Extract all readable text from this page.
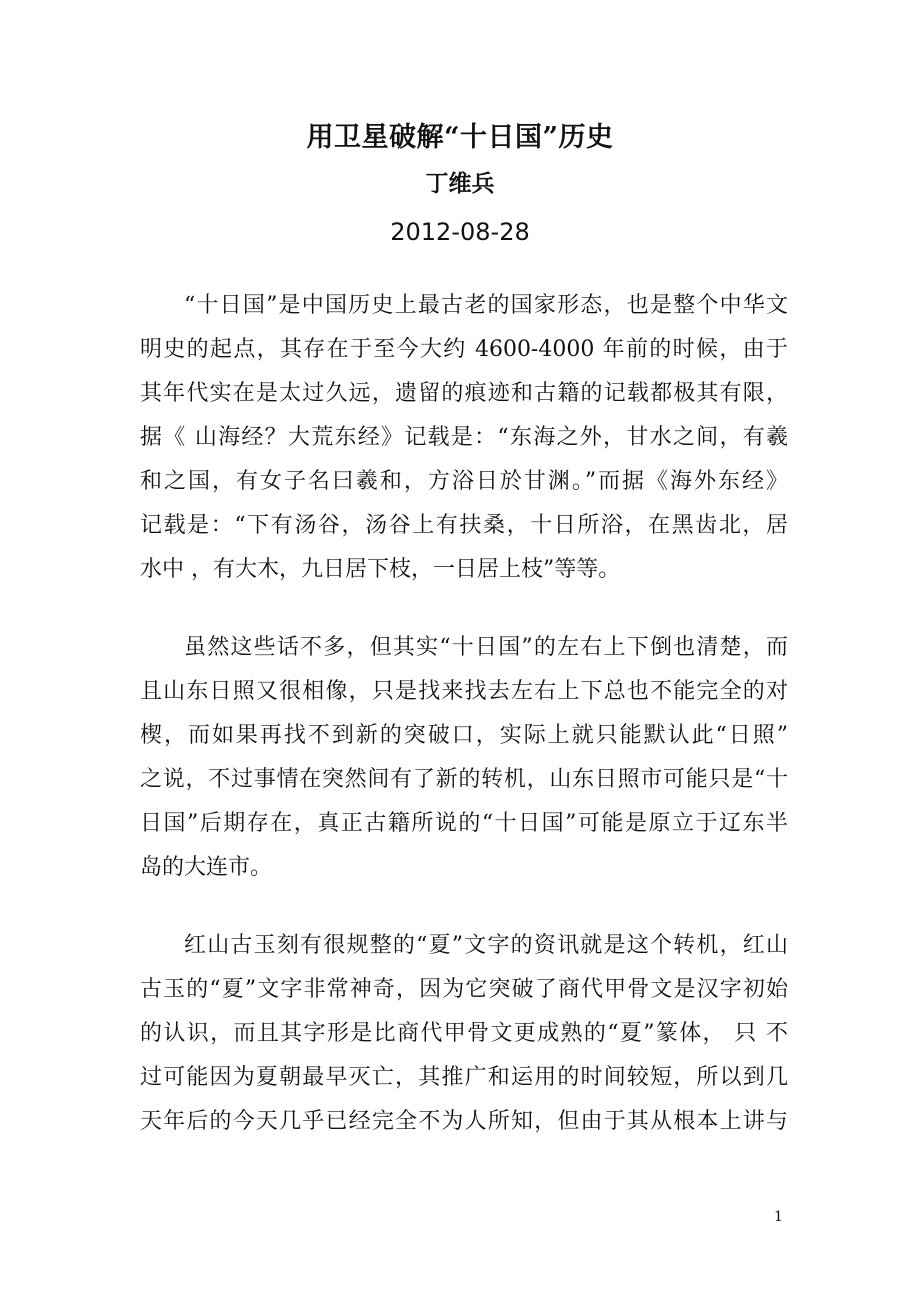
用卫星破解“十日国”历史
丁维兵
2012-08-28
“十日国”是中国历史上最古老的国家形态，也是整个中华文
明史的起点，其存在于至今大约 4600-4000 年前的时候，由于
其年代实在是太过久远，遗留的痕迹和古籍的记载都极其有限，
据《 山海经？大荒东经》记载是：“东海之外，甘水之间，有羲
和之国，有女子名曰羲和，方浴日於甘渊。”而据《海外东经》
记载是：“下有汤谷，汤谷上有扶桑，十日所浴，在黑齿北，居
水中 ，有大木，九日居下枝，一日居上枝”等等。
虽然这些话不多，但其实“十日国”的左右上下倒也清楚，而
且山东日照又很相像，只是找来找去左右上下总也不能完全的对
楔，而如果再找不到新的突破口，实际上就只能默认此“日照”
之说，不过事情在突然间有了新的转机，山东日照市可能只是“十
日国”后期存在，真正古籍所说的“十日国”可能是原立于辽东半
岛的大连市。
红山古玉刻有很规整的“夏”文字的资讯就是这个转机，红山
古玉的“夏”文字非常神奇，因为它突破了商代甲骨文是汉字初始
的认识，而且其字形是比商代甲骨文更成熟的“夏”篆体， 只 不
过可能因为夏朝最早灭亡，其推广和运用的时间较短，所以到几
天年后的今天几乎已经完全不为人所知，但由于其从根本上讲与
1
